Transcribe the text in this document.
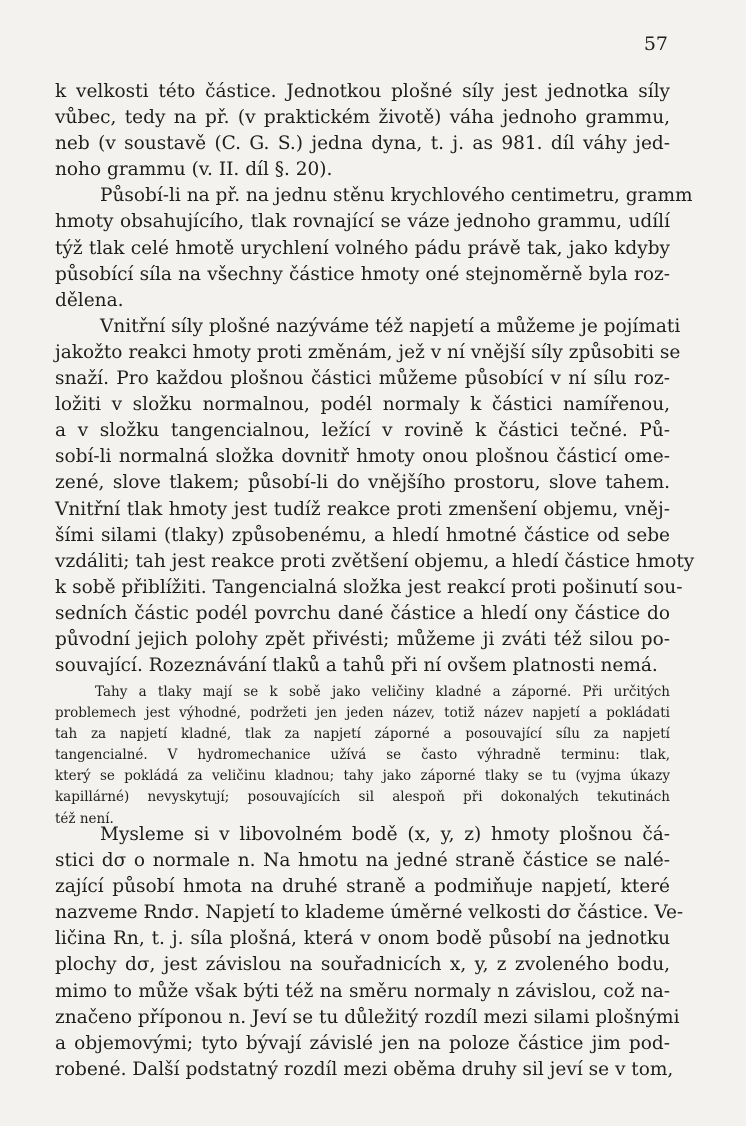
57
k velkosti této částice. Jednotkou plošné síly jest jednotka síly
vůbec, tedy na př. (v praktickém životě) váha jednoho grammu,
neb (v soustavě (C. G. S.) jedna dyna, t. j. as 981. díl váhy jed-
noho grammu (v. II. díl §. 20).
Působí-li na př. na jednu stěnu krychlového centimetru, gramm
hmoty obsahujícího, tlak rovnající se váze jednoho grammu, udílí
týž tlak celé hmotě urychlení volného pádu právě tak, jako kdyby
působící síla na všechny částice hmoty oné stejnoměrně byla roz-
dělena.
Vnitřní síly plošné nazýváme též napjetí a můžeme je pojímati
jakožto reakci hmoty proti změnám, jež v ní vnější síly způsobiti se
snaží. Pro každou plošnou částici můžeme působící v ní sílu roz-
ložiti v složku normalnou, podél normaly k částici namířenou,
a v složku tangencialnou, ležící v rovině k částici tečné. Pů-
sobí-li normalná složka dovnitř hmoty onou plošnou částicí ome-
zené, slove tlakem; působí-li do vnějšího prostoru, slove tahem.
Vnitřní tlak hmoty jest tudíž reakce proti zmenšení objemu, vněj-
šími silami (tlaky) způsobenému, a hledí hmotné částice od sebe
vzdáliti; tah jest reakce proti zvětšení objemu, a hledí částice hmoty
k sobě přiblížiti. Tangencialná složka jest reakcí proti pošinutí sou-
sedních částic podél povrchu dané částice a hledí ony částice do
původní jejich polohy zpět přivésti; můžeme ji zváti též silou po-
souvající. Rozeznávání tlaků a tahů při ní ovšem platnosti nemá.
Tahy a tlaky mají se k sobě jako veličiny kladné a záporné. Při určitých
problemech jest výhodné, podržeti jen jeden název, totiž název napjetí a pokládati
tah za napjetí kladné, tlak za napjetí záporné a posouvající sílu za napjetí
tangencialné. V hydromechanice užívá se často výhradně terminu: tlak,
který se pokládá za veličinu kladnou; tahy jako záporné tlaky se tu (vyjma úkazy
kapillárné) nevyskytují; posouvajících sil alespoň při dokonalých tekutinách
též není.
Mysleme si v libovolném bodě (x, y, z) hmoty plošnou čá-
stici dσ o normale n. Na hmotu na jedné straně částice se nalé-
zající působí hmota na druhé straně a podmiňuje napjetí, které
nazveme Rndσ. Napjetí to klademe úměrné velkosti dσ částice. Ve-
ličina Rn, t. j. síla plošná, která v onom bodě působí na jednotku
plochy dσ, jest závislou na souřadnicích x, y, z zvoleného bodu,
mimo to může však býti též na směru normaly n závislou, což na-
značeno příponou n. Jeví se tu důležitý rozdíl mezi silami plošnými
a objemovými; tyto bývají závislé jen na poloze částice jim pod-
robené. Další podstatný rozdíl mezi oběma druhy sil jeví se v tom,
